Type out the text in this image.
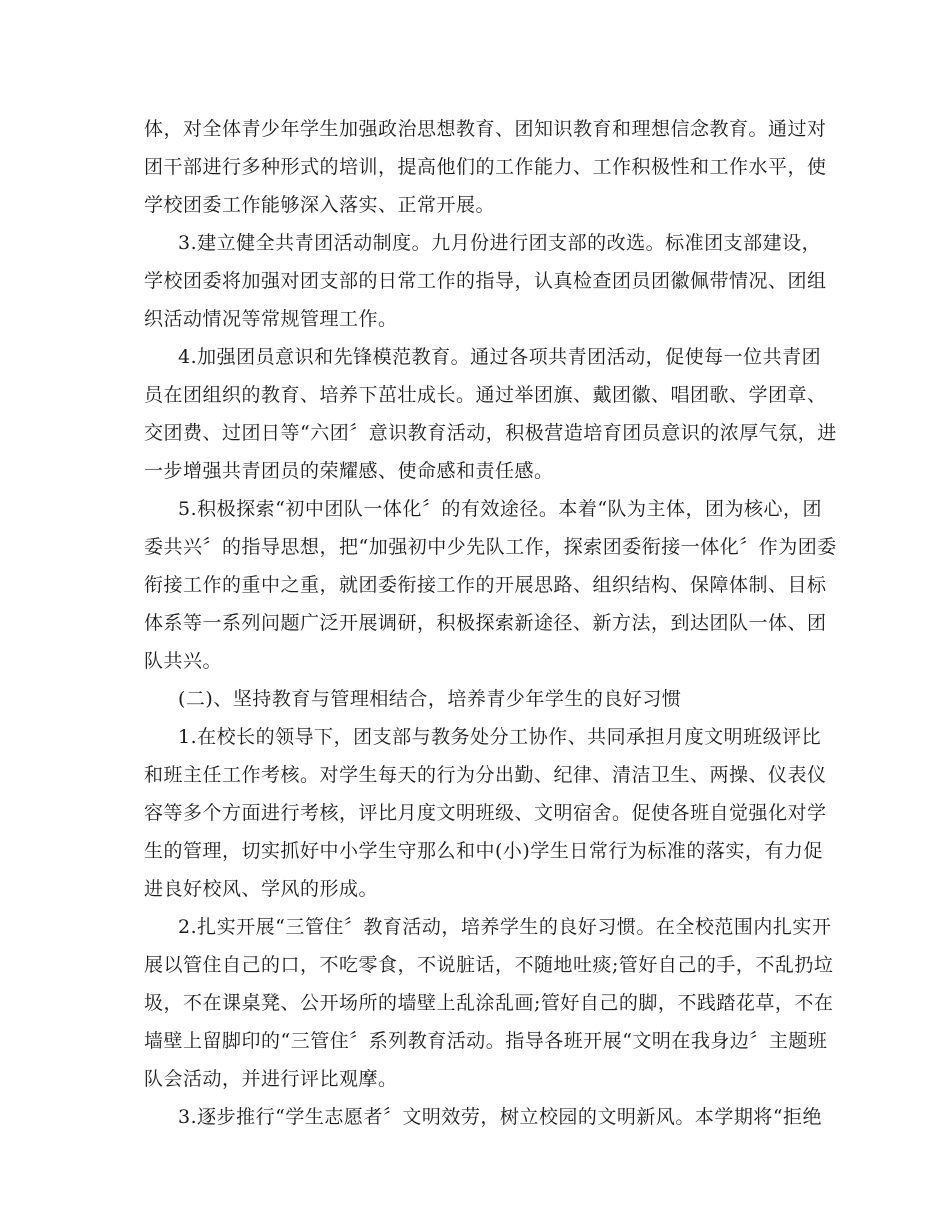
体，对全体青少年学生加强政治思想教育、团知识教育和理想信念教育。通过对
团干部进行多种形式的培训，提高他们的工作能力、工作积极性和工作水平，使
学校团委工作能够深入落实、正常开展。
3.建立健全共青团活动制度。九月份进行团支部的改选。标准团支部建设，
学校团委将加强对团支部的日常工作的指导，认真检查团员团徽佩带情况、团组
织活动情况等常规管理工作。
4.加强团员意识和先锋模范教育。通过各项共青团活动，促使每一位共青团
员在团组织的教育、培养下茁壮成长。通过举团旗、戴团徽、唱团歌、学团章、
交团费、过团日等“六团〞意识教育活动，积极营造培育团员意识的浓厚气氛，进
一步增强共青团员的荣耀感、使命感和责任感。
5.积极探索“初中团队一体化〞的有效途径。本着“队为主体，团为核心，团
委共兴〞的指导思想，把“加强初中少先队工作，探索团委衔接一体化〞作为团委
衔接工作的重中之重，就团委衔接工作的开展思路、组织结构、保障体制、目标
体系等一系列问题广泛开展调研，积极探索新途径、新方法，到达团队一体、团
队共兴。
(二)、坚持教育与管理相结合，培养青少年学生的良好习惯
1.在校长的领导下，团支部与教务处分工协作、共同承担月度文明班级评比
和班主任工作考核。对学生每天的行为分出勤、纪律、清洁卫生、两操、仪表仪
容等多个方面进行考核，评比月度文明班级、文明宿舍。促使各班自觉强化对学
生的管理，切实抓好中小学生守那么和中(小)学生日常行为标准的落实，有力促
进良好校风、学风的形成。
2.扎实开展“三管住〞教育活动，培养学生的良好习惯。在全校范围内扎实开
展以管住自己的口，不吃零食，不说脏话，不随地吐痰;管好自己的手，不乱扔垃
圾，不在课桌凳、公开场所的墙壁上乱涂乱画;管好自己的脚，不践踏花草，不在
墙壁上留脚印的“三管住〞系列教育活动。指导各班开展“文明在我身边〞主题班
队会活动，并进行评比观摩。
3.逐步推行“学生志愿者〞文明效劳，树立校园的文明新风。本学期将“拒绝
